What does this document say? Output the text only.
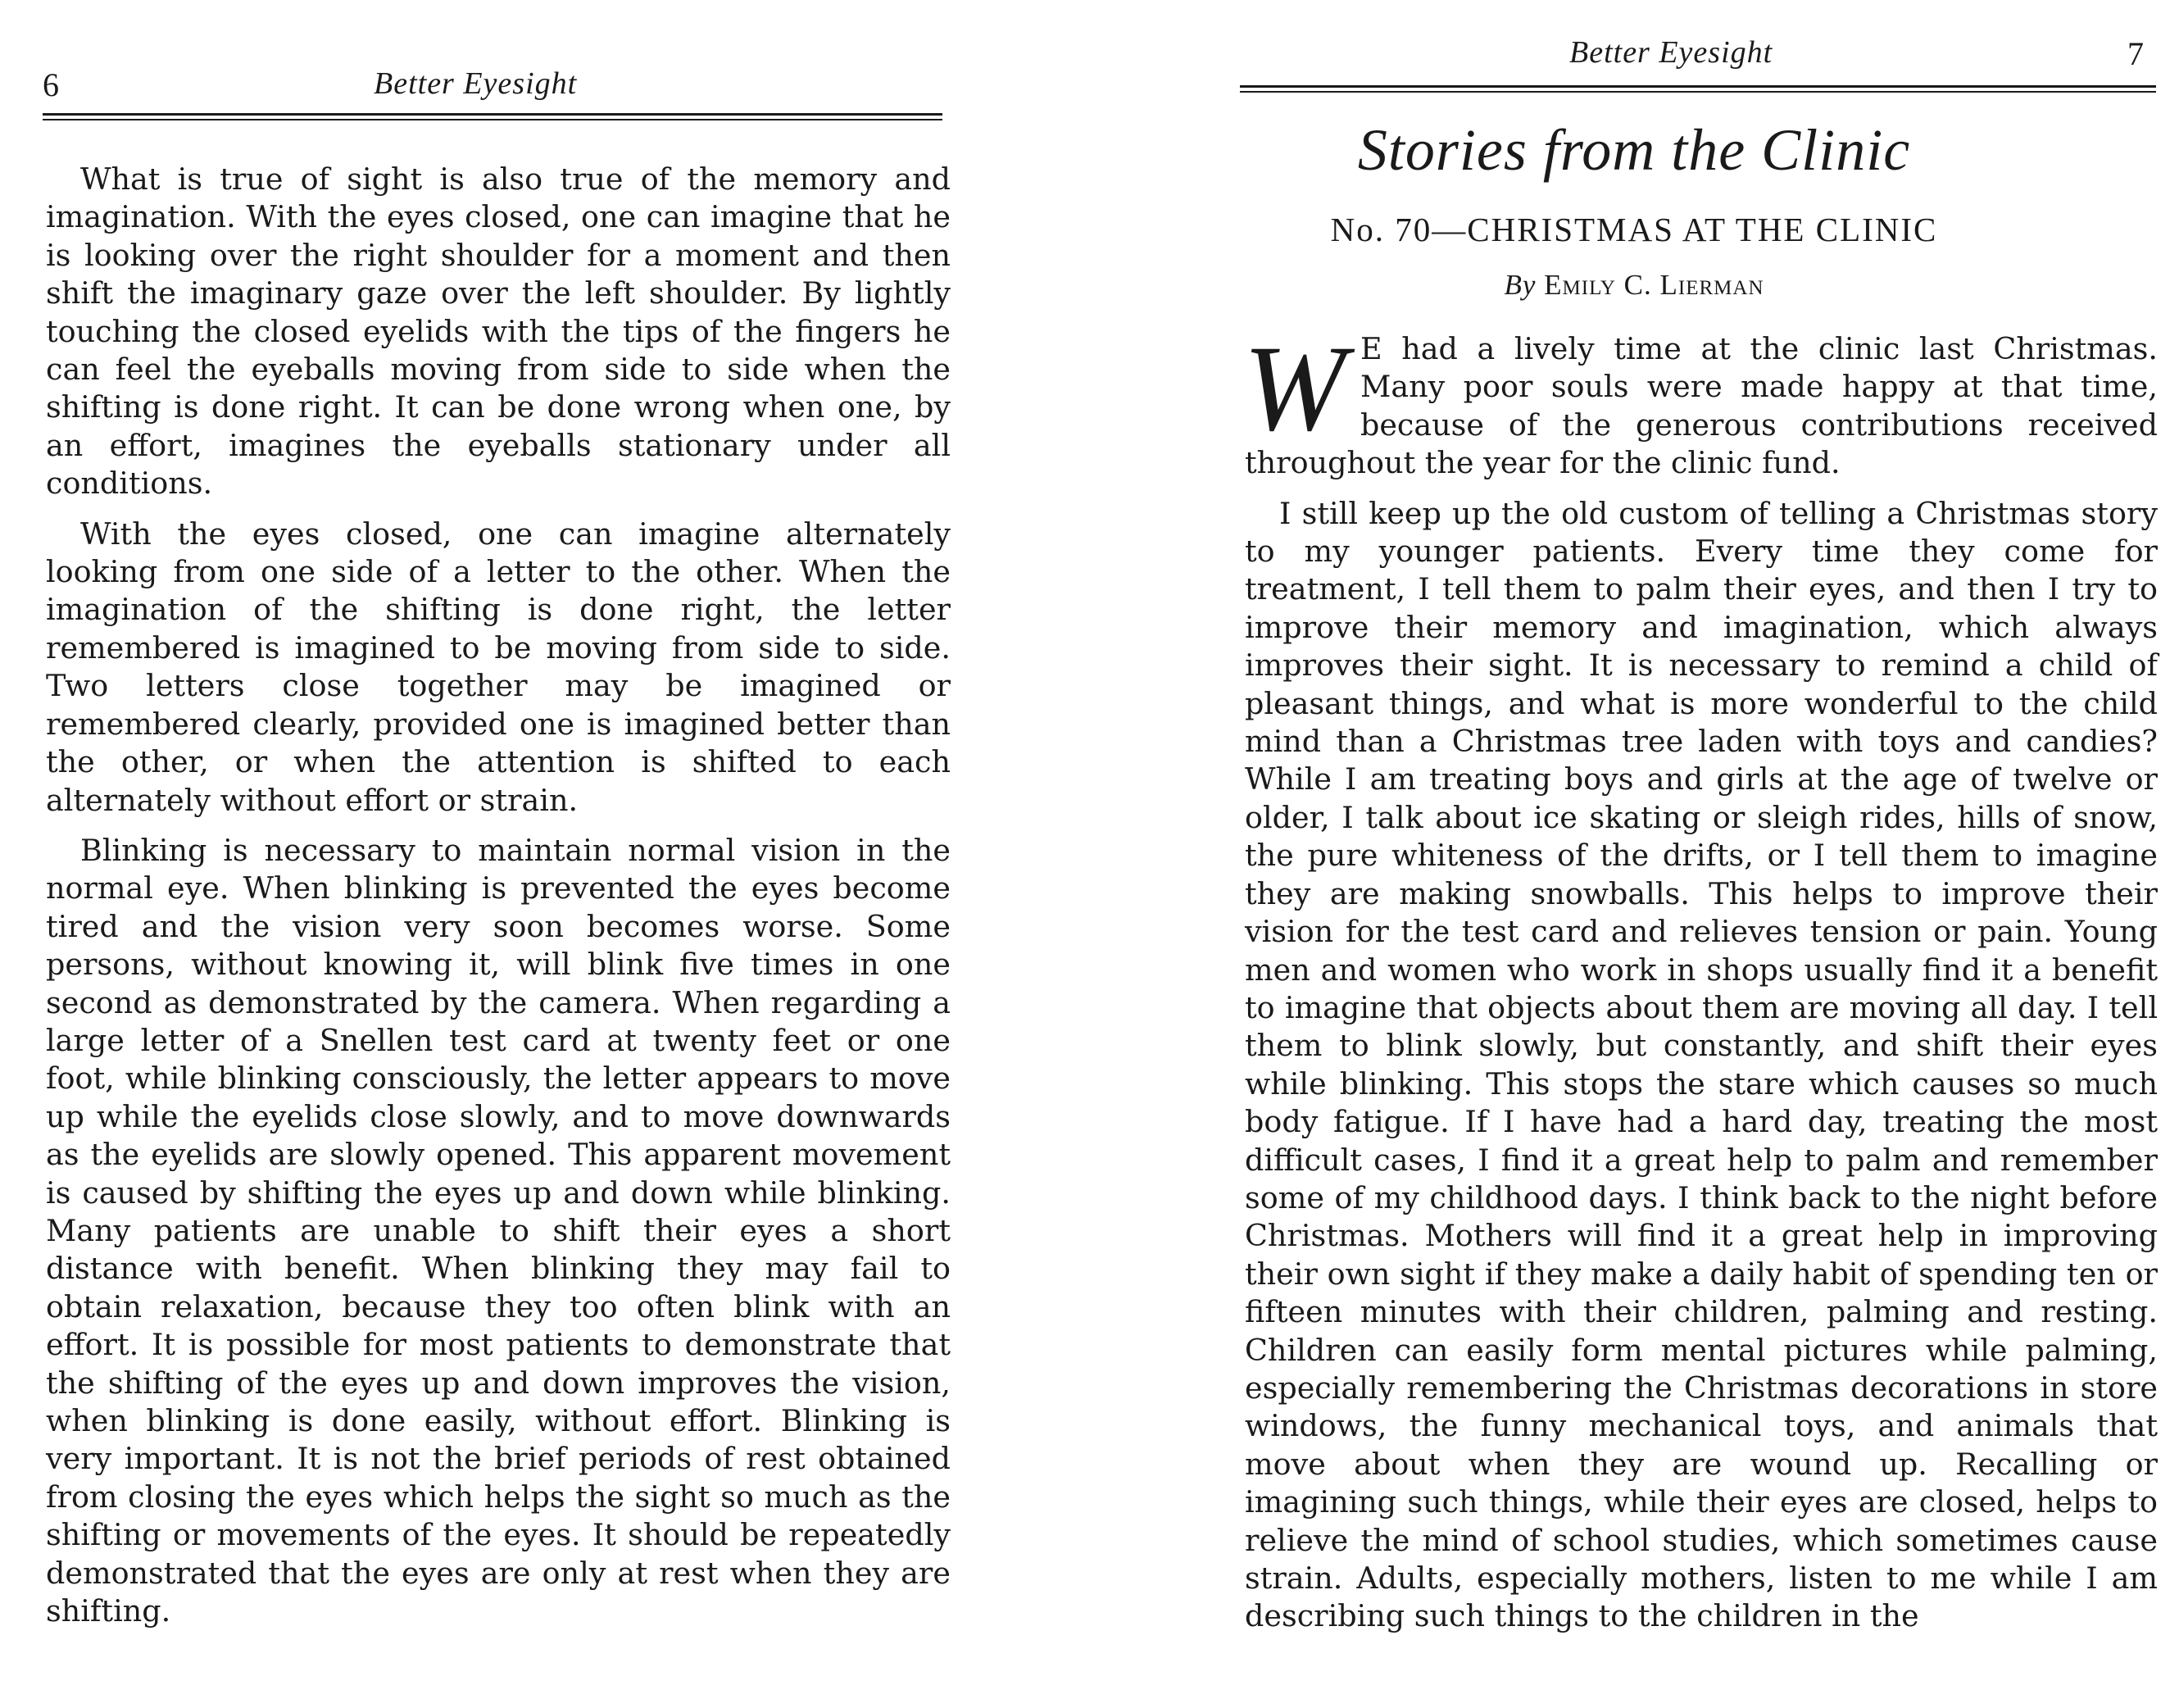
6	Better Eyesight

What is true of sight is also true of the memory and imagination. With the eyes closed, one can imagine that he is looking over the right shoulder for a moment and then shift the imaginary gaze over the left shoulder. By lightly touching the closed eyelids with the tips of the fingers he can feel the eyeballs moving from side to side when the shifting is done right. It can be done wrong when one, by an effort, imagines the eyeballs stationary under all conditions.

With the eyes closed, one can imagine alternately looking from one side of a letter to the other. When the imagination of the shifting is done right, the letter remembered is imagined to be moving from side to side. Two letters close together may be imagined or remembered clearly, provided one is imagined better than the other, or when the attention is shifted to each alternately without effort or strain.

Blinking is necessary to maintain normal vision in the normal eye. When blinking is prevented the eyes become tired and the vision very soon becomes worse. Some persons, without knowing it, will blink five times in one second as demonstrated by the camera. When regarding a large letter of a Snellen test card at twenty feet or one foot, while blinking consciously, the letter appears to move up while the eyelids close slowly, and to move downwards as the eyelids are slowly opened. This apparent movement is caused by shifting the eyes up and down while blinking. Many patients are unable to shift their eyes a short distance with benefit. When blinking they may fail to obtain relaxation, because they too often blink with an effort. It is possible for most patients to demonstrate that the shifting of the eyes up and down improves the vision, when blinking is done easily, without effort. Blinking is very important. It is not the brief periods of rest obtained from closing the eyes which helps the sight so much as the shifting or movements of the eyes. It should be repeatedly demonstrated that the eyes are only at rest when they are shifting.

Better Eyesight	7
Stories from the Clinic
No. 70—CHRISTMAS AT THE CLINIC
By Emily C. Lierman

W E had a lively time at the clinic last Christmas. Many poor souls were made happy at that time, because of the generous contributions received throughout the year for the clinic fund.

I still keep up the old custom of telling a Christmas story to my younger patients. Every time they come for treatment, I tell them to palm their eyes, and then I try to improve their memory and imagination, which always improves their sight. It is necessary to remind a child of pleasant things, and what is more wonderful to the child mind than a Christmas tree laden with toys and candies? While I am treating boys and girls at the age of twelve or older, I talk about ice skating or sleigh rides, hills of snow, the pure whiteness of the drifts, or I tell them to imagine they are making snowballs. This helps to improve their vision for the test card and relieves tension or pain. Young men and women who work in shops usually find it a benefit to imagine that objects about them are moving all day. I tell them to blink slowly, but constantly, and shift their eyes while blinking. This stops the stare which causes so much body fatigue. If I have had a hard day, treating the most difficult cases, I find it a great help to palm and remember some of my childhood days. I think back to the night before Christmas. Mothers will find it a great help in improving their own sight if they make a daily habit of spending ten or fifteen minutes with their children, palming and resting. Children can easily form mental pictures while palming, especially remembering the Christmas decorations in store windows, the funny mechanical toys, and animals that move about when they are wound up. Recalling or imagining such things, while their eyes are closed, helps to relieve the mind of school studies, which sometimes cause strain. Adults, especially mothers, listen to me while I am describing such things to the children in the
